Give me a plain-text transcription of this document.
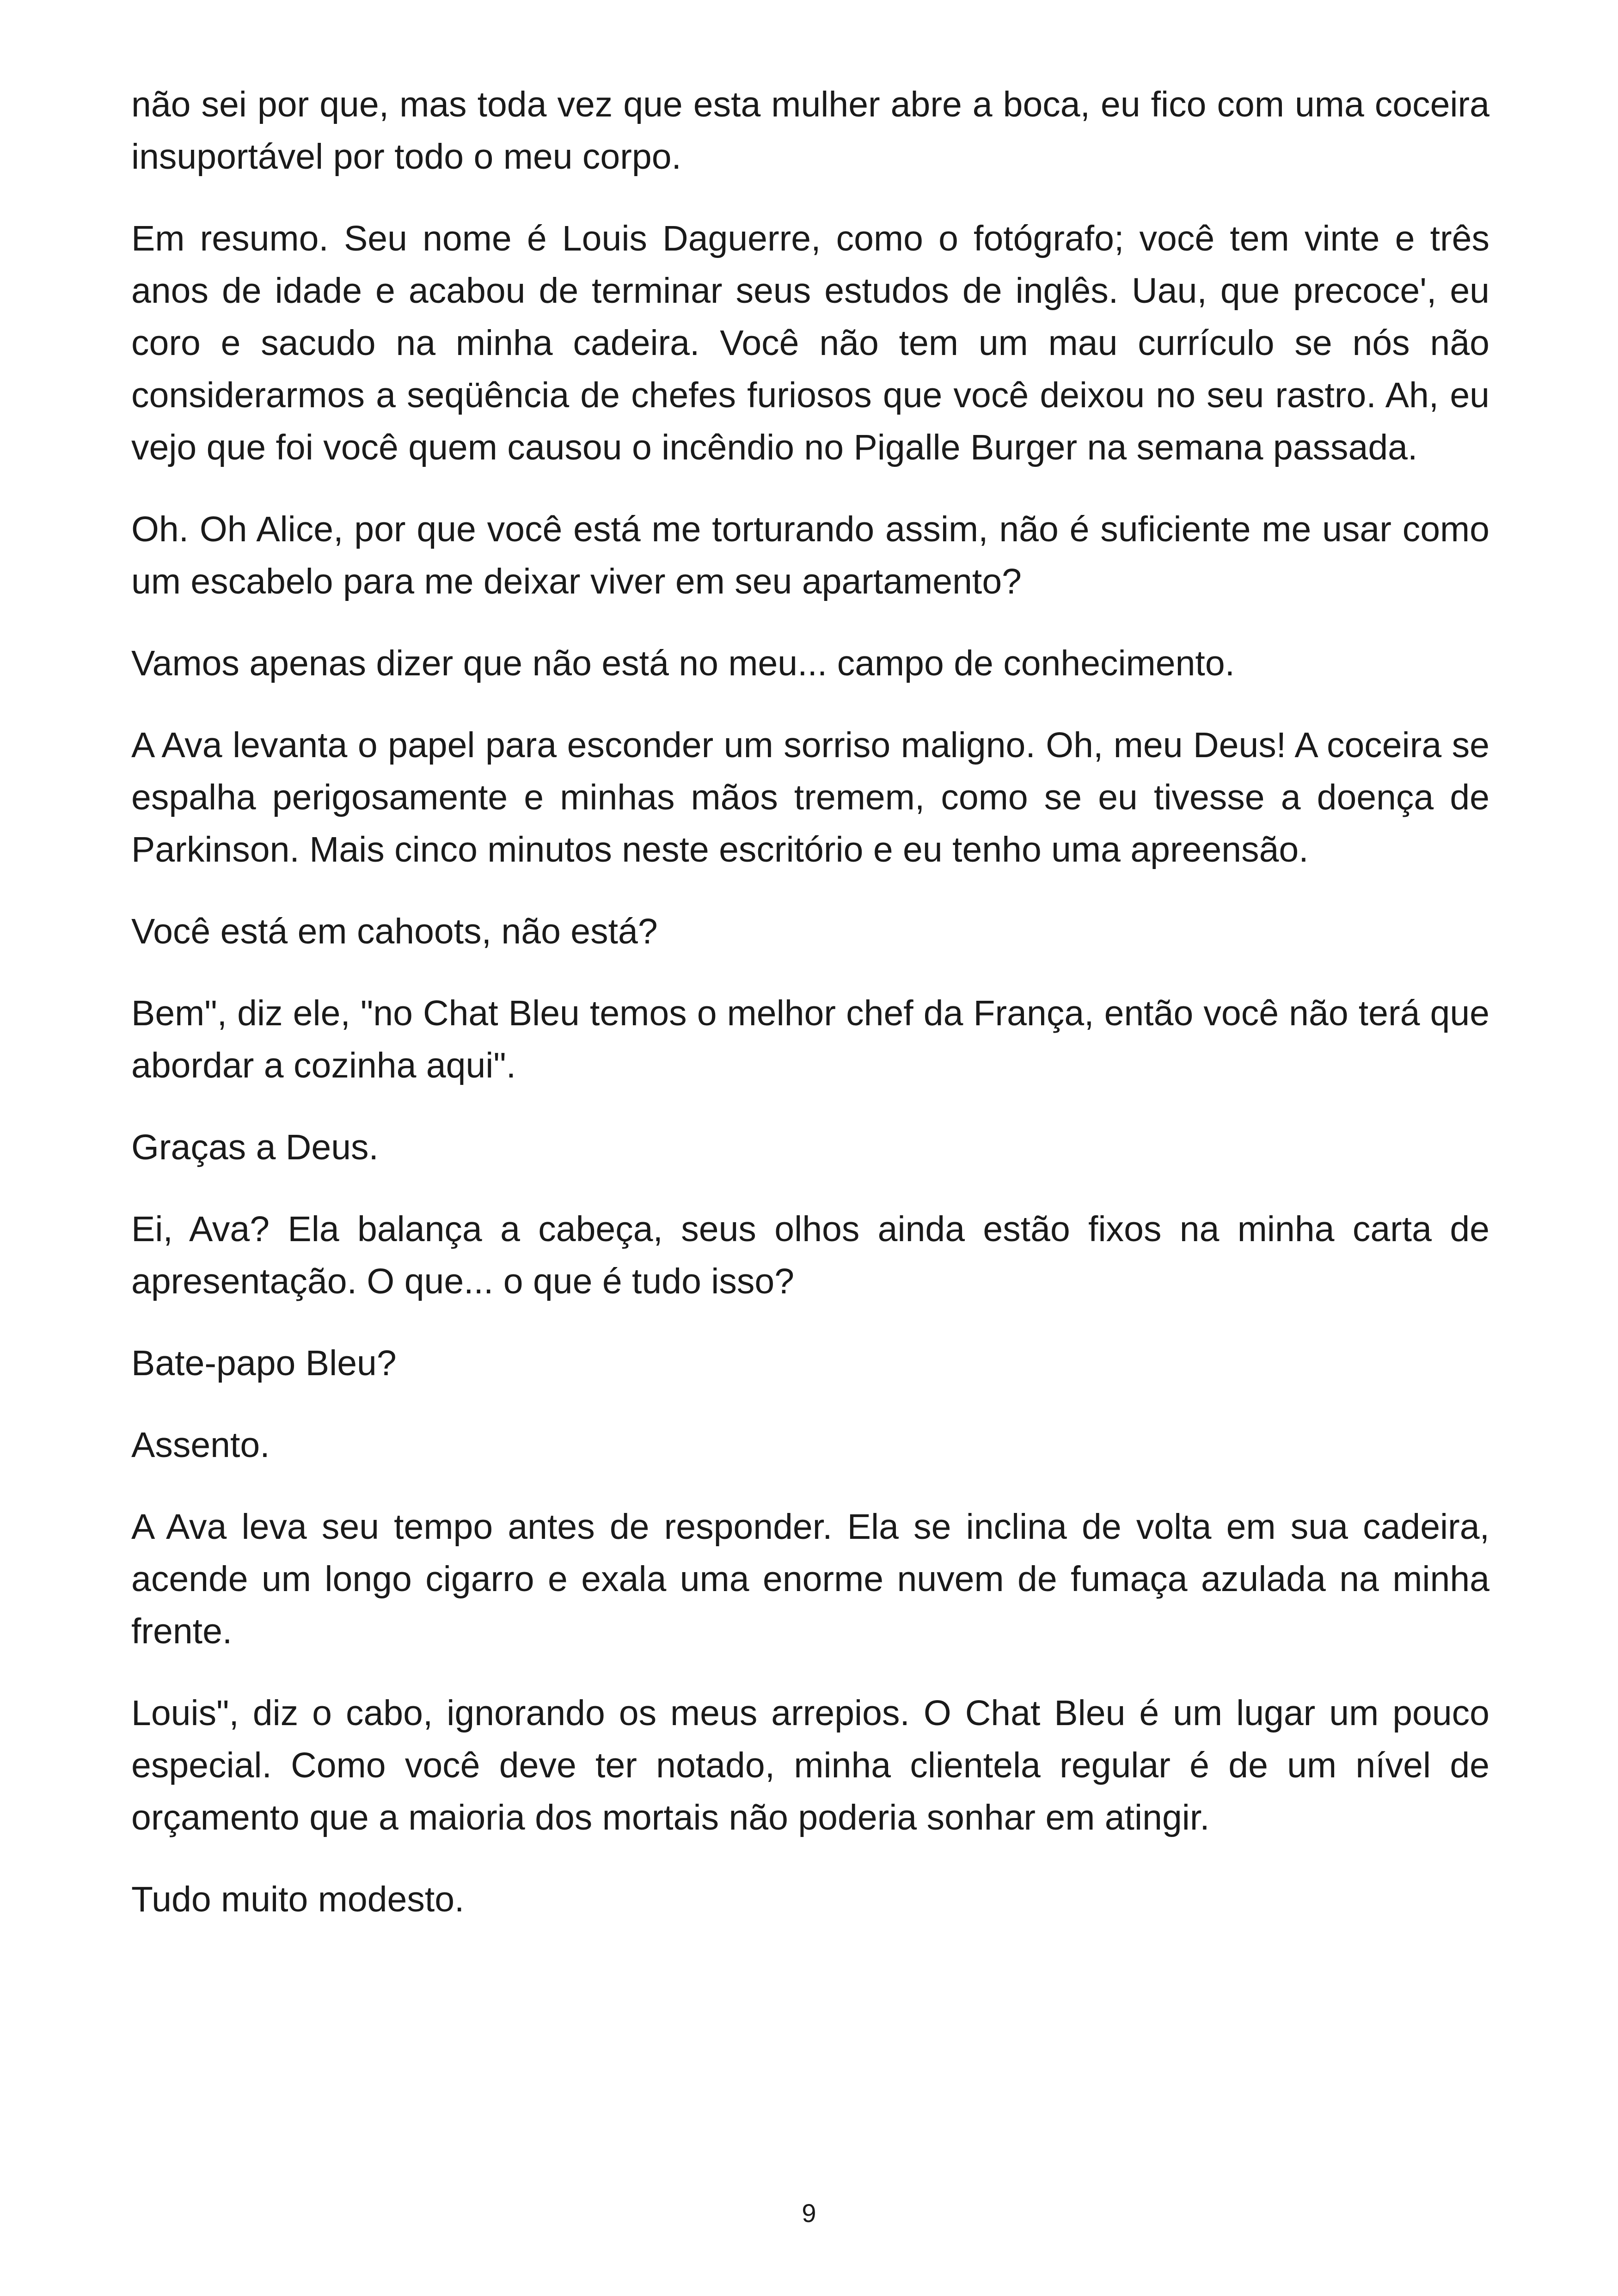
não sei por que, mas toda vez que esta mulher abre a boca, eu fico com uma coceira insuportável por todo o meu corpo.

Em resumo. Seu nome é Louis Daguerre, como o fotógrafo; você tem vinte e três anos de idade e acabou de terminar seus estudos de inglês. Uau, que precoce', eu coro e sacudo na minha cadeira. Você não tem um mau currículo se nós não considerarmos a seqüência de chefes furiosos que você deixou no seu rastro. Ah, eu vejo que foi você quem causou o incêndio no Pigalle Burger na semana passada.

Oh. Oh Alice, por que você está me torturando assim, não é suficiente me usar como um escabelo para me deixar viver em seu apartamento?

Vamos apenas dizer que não está no meu... campo de conhecimento.

A Ava levanta o papel para esconder um sorriso maligno. Oh, meu Deus! A coceira se espalha perigosamente e minhas mãos tremem, como se eu tivesse a doença de Parkinson. Mais cinco minutos neste escritório e eu tenho uma apreensão.

Você está em cahoots, não está?

Bem", diz ele, "no Chat Bleu temos o melhor chef da França, então você não terá que abordar a cozinha aqui".

Graças a Deus.

Ei, Ava? Ela balança a cabeça, seus olhos ainda estão fixos na minha carta de apresentação. O que... o que é tudo isso?

Bate-papo Bleu?

Assento.

A Ava leva seu tempo antes de responder. Ela se inclina de volta em sua cadeira, acende um longo cigarro e exala uma enorme nuvem de fumaça azulada na minha frente.

Louis", diz o cabo, ignorando os meus arrepios. O Chat Bleu é um lugar um pouco especial. Como você deve ter notado, minha clientela regular é de um nível de orçamento que a maioria dos mortais não poderia sonhar em atingir.

Tudo muito modesto.

9
